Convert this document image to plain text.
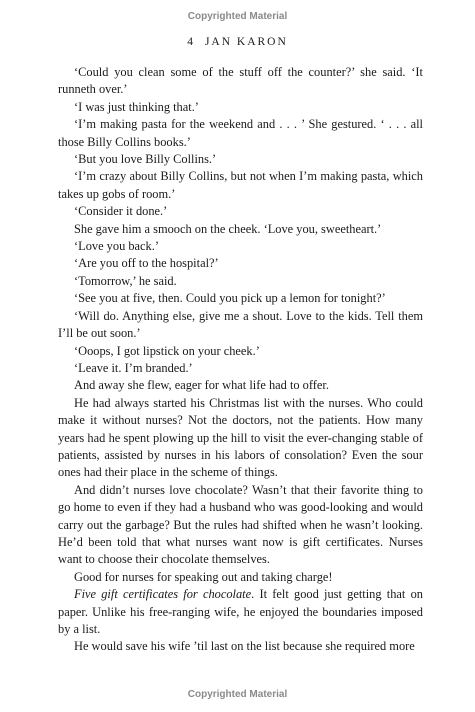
Copyrighted Material
4 JAN KARON

‘Could you clean some of the stuff off the counter?’ she said. ‘It runneth over.’

‘I was just thinking that.’

‘I’m making pasta for the weekend and . . . ’ She gestured. ‘ . . . all those Billy Collins books.’

‘But you love Billy Collins.’

‘I’m crazy about Billy Collins, but not when I’m making pasta, which takes up gobs of room.’

‘Consider it done.’

She gave him a smooch on the cheek. ‘Love you, sweetheart.’

‘Love you back.’

‘Are you off to the hospital?’

‘Tomorrow,’ he said.

‘See you at five, then. Could you pick up a lemon for tonight?’

‘Will do. Anything else, give me a shout. Love to the kids. Tell them I’ll be out soon.’

‘Ooops, I got lipstick on your cheek.’

‘Leave it. I’m branded.’

And away she flew, eager for what life had to offer.

He had always started his Christmas list with the nurses. Who could make it without nurses? Not the doctors, not the patients. How many years had he spent plowing up the hill to visit the ever-changing stable of patients, assisted by nurses in his labors of consolation? Even the sour ones had their place in the scheme of things.

And didn’t nurses love chocolate? Wasn’t that their favorite thing to go home to even if they had a husband who was good-looking and would carry out the garbage? But the rules had shifted when he wasn’t looking. He’d been told that what nurses want now is gift certificates. Nurses want to choose their chocolate themselves.

Good for nurses for speaking out and taking charge!

Five gift certificates for chocolate. It felt good just getting that on paper. Unlike his free-ranging wife, he enjoyed the boundaries imposed by a list.

He would save his wife ’til last on the list because she required more

Copyrighted Material
